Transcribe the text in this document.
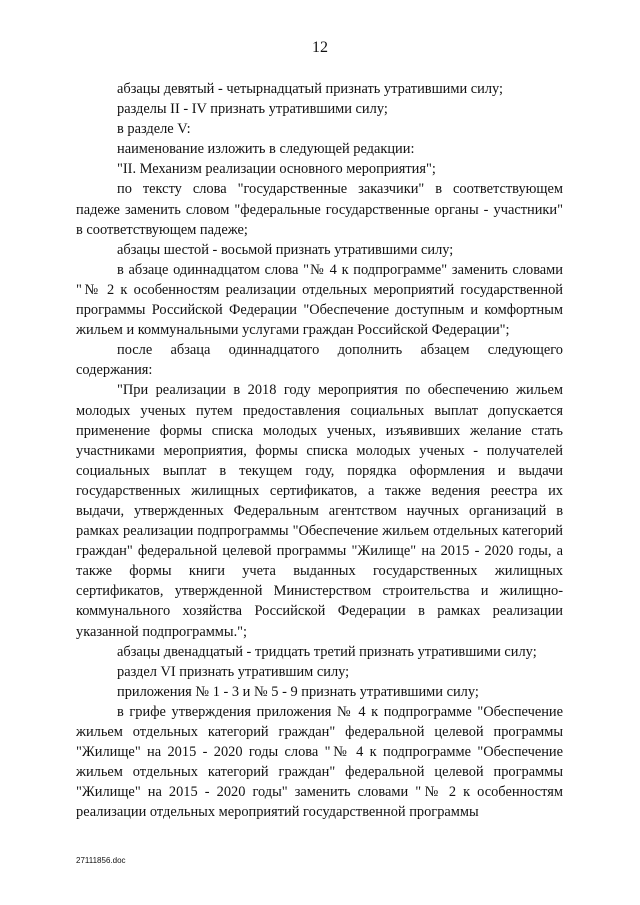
12

абзацы девятый - четырнадцатый признать утратившими силу;

разделы II - IV признать утратившими силу;

в разделе V:

наименование изложить в следующей редакции:

"II. Механизм реализации основного мероприятия";

по тексту слова "государственные заказчики" в соответствующем падеже заменить словом "федеральные государственные органы - участники" в соответствующем падеже;

абзацы шестой - восьмой признать утратившими силу;

в абзаце одиннадцатом слова "№ 4 к подпрограмме" заменить словами "№ 2 к особенностям реализации отдельных мероприятий государственной программы Российской Федерации "Обеспечение доступным и комфортным жильем и коммунальными услугами граждан Российской Федерации";

после абзаца одиннадцатого дополнить абзацем следующего содержания:

"При реализации в 2018 году мероприятия по обеспечению жильем молодых ученых путем предоставления социальных выплат допускается применение формы списка молодых ученых, изъявивших желание стать участниками мероприятия, формы списка молодых ученых - получателей социальных выплат в текущем году, порядка оформления и выдачи государственных жилищных сертификатов, а также ведения реестра их выдачи, утвержденных Федеральным агентством научных организаций в рамках реализации подпрограммы "Обеспечение жильем отдельных категорий граждан" федеральной целевой программы "Жилище" на 2015 - 2020 годы, а также формы книги учета выданных государственных жилищных сертификатов, утвержденной Министерством строительства и жилищно-коммунального хозяйства Российской Федерации в рамках реализации указанной подпрограммы.";

абзацы двенадцатый - тридцать третий признать утратившими силу;

раздел VI признать утратившим силу;

приложения № 1 - 3 и № 5 - 9 признать утратившими силу;

в грифе утверждения приложения № 4 к подпрограмме "Обеспечение жильем отдельных категорий граждан" федеральной целевой программы "Жилище" на 2015 - 2020 годы слова "№ 4 к подпрограмме "Обеспечение жильем отдельных категорий граждан" федеральной целевой программы "Жилище" на 2015 - 2020 годы" заменить словами "№ 2 к особенностям реализации отдельных мероприятий государственной программы

27111856.doc
